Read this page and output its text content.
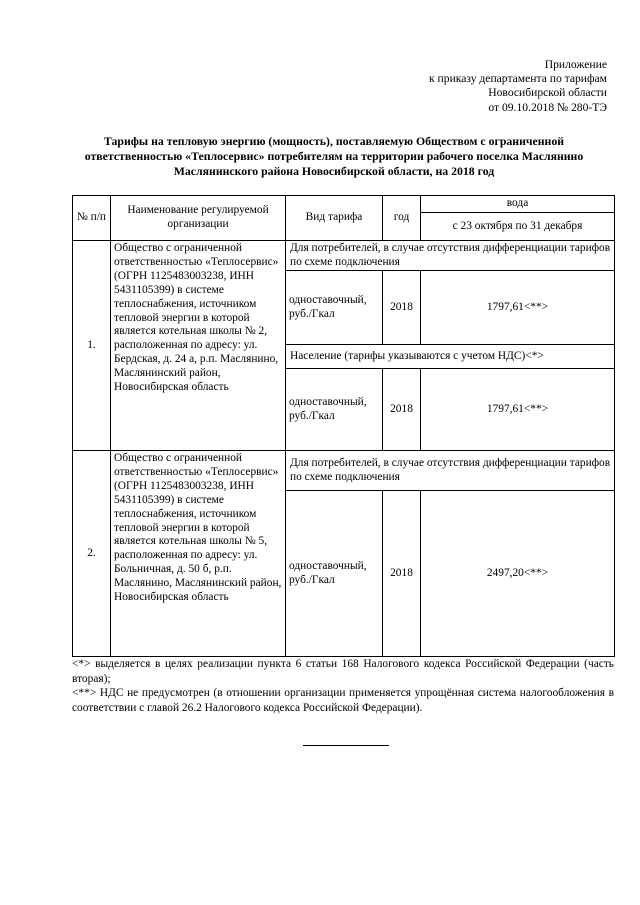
Приложение
к приказу департамента по тарифам
Новосибирской области
от 09.10.2018 № 280-ТЭ
Тарифы на тепловую энергию (мощность), поставляемую Обществом с ограниченной ответственностью «Теплосервис» потребителям на территории рабочего поселка Маслянино Маслянинского района Новосибирской области, на 2018 год
№ п/п	Наименование регулируемой организации	Вид тарифа	год	вода
				с 23 октября по 31 декабря
1.	Общество с ограниченной ответственностью «Теплосервис» (ОГРН 1125483003238, ИНН 5431105399) в системе теплоснабжения, источником тепловой энергии в которой является котельная школы № 2, расположенная по адресу: ул. Бердская, д. 24 а, р.п. Маслянино, Маслянинский район, Новосибирская область	Для потребителей, в случае отсутствия дифференциации тарифов по схеме подключения		
		одноставочный, руб./Гкал	2018	1797,61<**>
		Население (тарифы указываются с учетом НДС)<*>		
		одноставочный, руб./Гкал	2018	1797,61<**>
2.	Общество с ограниченной ответственностью «Теплосервис» (ОГРН 1125483003238, ИНН 5431105399) в системе теплоснабжения, источником тепловой энергии в которой является котельная школы № 5, расположенная по адресу: ул. Больничная, д. 50 б, р.п. Маслянино, Маслянинский район, Новосибирская область	Для потребителей, в случае отсутствия дифференциации тарифов по схеме подключения		
		одноставочный, руб./Гкал	2018	2497,20<**>

<*> выделяется в целях реализации пункта 6 статьи 168 Налогового кодекса Российской Федерации (часть вторая);

<**> НДС не предусмотрен (в отношении организации применяется упрощённая система налогообложения в соответствии с главой 26.2 Налогового кодекса Российской Федерации).
